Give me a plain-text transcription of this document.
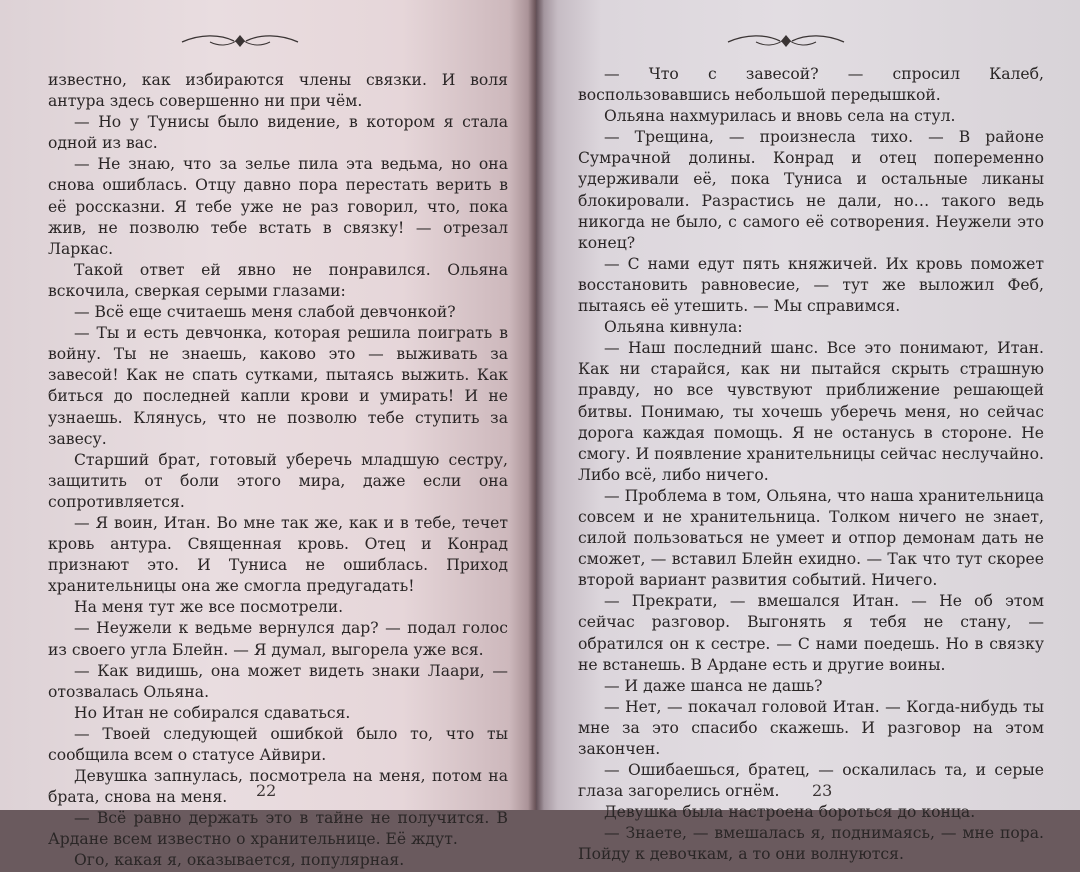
известно, как избираются члены связки. И воля антура здесь совершенно ни при чём.

— Но у Тунисы было видение, в котором я стала одной из вас.

— Не знаю, что за зелье пила эта ведьма, но она снова ошиблась. Отцу давно пора перестать верить в её россказни. Я тебе уже не раз говорил, что, пока жив, не позволю тебе встать в связку! — отрезал Ларкас.

Такой ответ ей явно не понравился. Ольяна вскочила, сверкая серыми глазами:

— Всё еще считаешь меня слабой девчонкой?

— Ты и есть девчонка, которая решила поиграть в войну. Ты не знаешь, каково это — выживать за завесой! Как не спать сутками, пытаясь выжить. Как биться до последней капли крови и умирать! И не узнаешь. Клянусь, что не позволю тебе ступить за завесу.

Старший брат, готовый уберечь младшую сестру, защитить от боли этого мира, даже если она сопротивляется.

— Я воин, Итан. Во мне так же, как и в тебе, течет кровь антура. Священная кровь. Отец и Конрад признают это. И Туниса не ошиблась. Приход хранительницы она же смогла предугадать!

На меня тут же все посмотрели.

— Неужели к ведьме вернулся дар? — подал голос из своего угла Блейн. — Я думал, выгорела уже вся.

— Как видишь, она может видеть знаки Лаари, — отозвалась Ольяна.

Но Итан не собирался сдаваться.

— Твоей следующей ошибкой было то, что ты сообщила всем о статусе Айвири.

Девушка запнулась, посмотрела на меня, потом на брата, снова на меня.

— Всё равно держать это в тайне не получится. В Ардане всем известно о хранительнице. Её ждут.

Ого, какая я, оказывается, популярная.

22

— Что с завесой? — спросил Калеб, воспользовавшись небольшой передышкой.

Ольяна нахмурилась и вновь села на стул.

— Трещина, — произнесла тихо. — В районе Сумрачной долины. Конрад и отец попеременно удерживали её, пока Туниса и остальные ликаны блокировали. Разрастись не дали, но… такого ведь никогда не было, с самого её сотворения. Неужели это конец?

— С нами едут пять княжичей. Их кровь поможет восстановить равновесие, — тут же выложил Феб, пытаясь её утешить. — Мы справимся.

Ольяна кивнула:

— Наш последний шанс. Все это понимают, Итан. Как ни старайся, как ни пытайся скрыть страшную правду, но все чувствуют приближение решающей битвы. Понимаю, ты хочешь уберечь меня, но сейчас дорога каждая помощь. Я не останусь в стороне. Не смогу. И появление хранительницы сейчас неслучайно. Либо всё, либо ничего.

— Проблема в том, Ольяна, что наша хранительница совсем и не хранительница. Толком ничего не знает, силой пользоваться не умеет и отпор демонам дать не сможет, — вставил Блейн ехидно. — Так что тут скорее второй вариант развития событий. Ничего.

— Прекрати, — вмешался Итан. — Не об этом сейчас разговор. Выгонять я тебя не стану, — обратился он к сестре. — С нами поедешь. Но в связку не встанешь. В Ардане есть и другие воины.

— И даже шанса не дашь?

— Нет, — покачал головой Итан. — Когда-нибудь ты мне за это спасибо скажешь. И разговор на этом закончен.

— Ошибаешься, братец, — оскалилась та, и серые глаза загорелись огнём.

Девушка была настроена бороться до конца.

— Знаете, — вмешалась я, поднимаясь, — мне пора. Пойду к девочкам, а то они волнуются.

23
